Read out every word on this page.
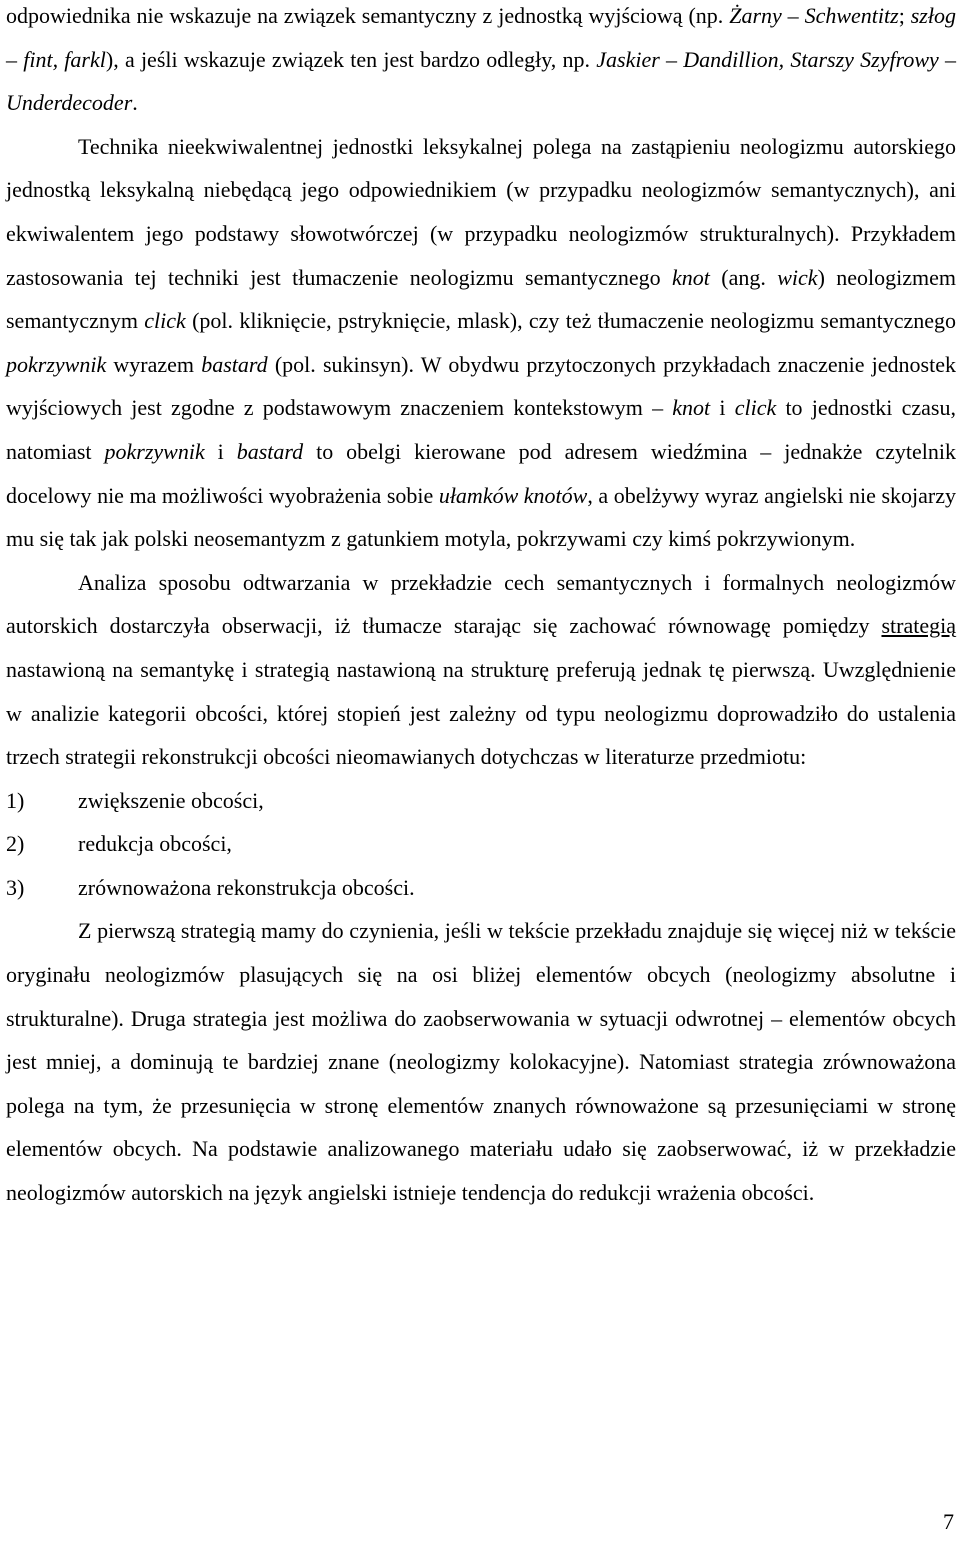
odpowiednika nie wskazuje na związek semantyczny z jednostką wyjściową (np. Żarny – Schwentitz; szłog – fint, farkl), a jeśli wskazuje związek ten jest bardzo odległy, np. Jaskier – Dandillion, Starszy Szyfrowy – Underdecoder.

Technika nieekwiwalentnej jednostki leksykalnej polega na zastąpieniu neologizmu autorskiego jednostką leksykalną niebędącą jego odpowiednikiem (w przypadku neologizmów semantycznych), ani ekwiwalentem jego podstawy słowotwórczej (w przypadku neologizmów strukturalnych). Przykładem zastosowania tej techniki jest tłumaczenie neologizmu semantycznego knot (ang. wick) neologizmem semantycznym click (pol. kliknięcie, pstryknięcie, mlask), czy też tłumaczenie neologizmu semantycznego pokrzywnik wyrazem bastard (pol. sukinsyn). W obydwu przytoczonych przykładach znaczenie jednostek wyjściowych jest zgodne z podstawowym znaczeniem kontekstowym – knot i click to jednostki czasu, natomiast pokrzywnik i bastard to obelgi kierowane pod adresem wiedźmina – jednakże czytelnik docelowy nie ma możliwości wyobrażenia sobie ułamków knotów, a obelżywy wyraz angielski nie skojarzy mu się tak jak polski neosemantyzm z gatunkiem motyla, pokrzywami czy kimś pokrzywionym.

Analiza sposobu odtwarzania w przekładzie cech semantycznych i formalnych neologizmów autorskich dostarczyła obserwacji, iż tłumacze starając się zachować równowagę pomiędzy strategią nastawioną na semantykę i strategią nastawioną na strukturę preferują jednak tę pierwszą. Uwzględnienie w analizie kategorii obcości, której stopień jest zależny od typu neologizmu doprowadziło do ustalenia trzech strategii rekonstrukcji obcości nieomawianych dotychczas w literaturze przedmiotu:

1)	zwiększenie obcości,
2)	redukcja obcości,
3)	zrównoważona rekonstrukcja obcości.

Z pierwszą strategią mamy do czynienia, jeśli w tekście przekładu znajduje się więcej niż w tekście oryginału neologizmów plasujących się na osi bliżej elementów obcych (neologizmy absolutne i strukturalne). Druga strategia jest możliwa do zaobserwowania w sytuacji odwrotnej – elementów obcych jest mniej, a dominują te bardziej znane (neologizmy kolokacyjne). Natomiast strategia zrównoważona polega na tym, że przesunięcia w stronę elementów znanych równoważone są przesunięciami w stronę elementów obcych. Na podstawie analizowanego materiału udało się zaobserwować, iż w przekładzie neologizmów autorskich na język angielski istnieje tendencja do redukcji wrażenia obcości.

7
